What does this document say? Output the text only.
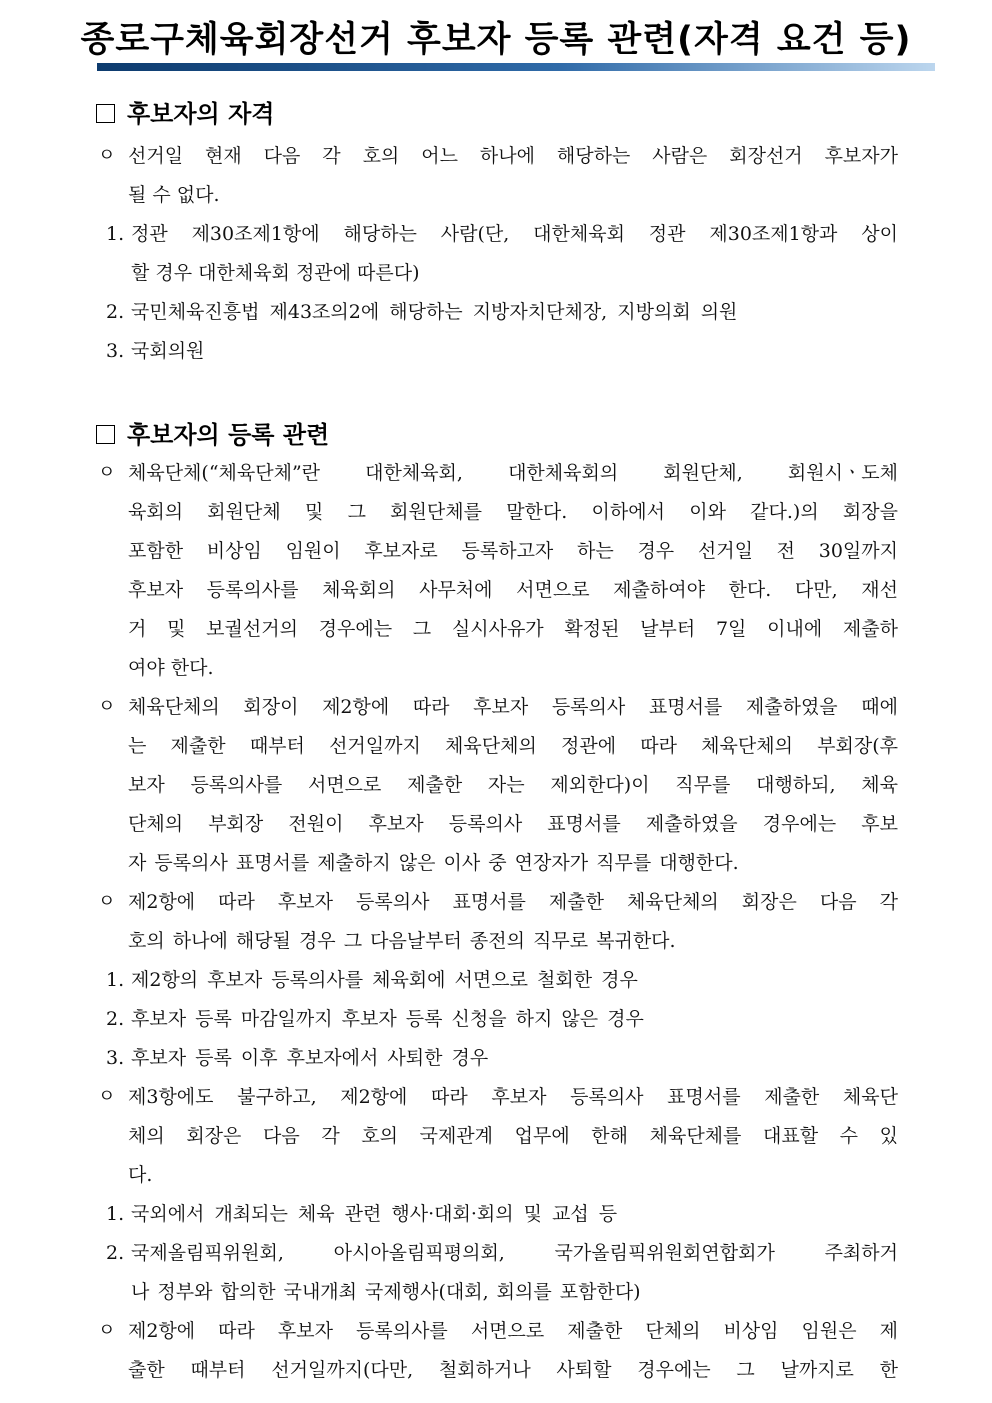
종로구체육회장선거 후보자 등록 관련(자격 요건 등)
후보자의 자격
ㅇ 선거일 현재 다음 각 호의 어느 하나에 해당하는 사람은 회장선거 후보자가
될 수 없다.
1. 정관 제30조제1항에 해당하는 사람(단, 대한체육회 정관 제30조제1항과 상이
할 경우 대한체육회 정관에 따른다)
2. 국민체육진흥법 제43조의2에 해당하는 지방자치단체장, 지방의회 의원
3. 국회의원
후보자의 등록 관련
ㅇ 체육단체(“체육단체”란 대한체육회, 대한체육회의 회원단체, 회원시ㆍ도체
육회의 회원단체 및 그 회원단체를 말한다. 이하에서 이와 같다.)의 회장을
포함한 비상임 임원이 후보자로 등록하고자 하는 경우 선거일 전 30일까지
후보자 등록의사를 체육회의 사무처에 서면으로 제출하여야 한다. 다만, 재선
거 및 보궐선거의 경우에는 그 실시사유가 확정된 날부터 7일 이내에 제출하
여야 한다.
ㅇ 체육단체의 회장이 제2항에 따라 후보자 등록의사 표명서를 제출하였을 때에
는 제출한 때부터 선거일까지 체육단체의 정관에 따라 체육단체의 부회장(후
보자 등록의사를 서면으로 제출한 자는 제외한다)이 직무를 대행하되, 체육
단체의 부회장 전원이 후보자 등록의사 표명서를 제출하였을 경우에는 후보
자 등록의사 표명서를 제출하지 않은 이사 중 연장자가 직무를 대행한다.
ㅇ 제2항에 따라 후보자 등록의사 표명서를 제출한 체육단체의 회장은 다음 각
호의 하나에 해당될 경우 그 다음날부터 종전의 직무로 복귀한다.
1. 제2항의 후보자 등록의사를 체육회에 서면으로 철회한 경우
2. 후보자 등록 마감일까지 후보자 등록 신청을 하지 않은 경우
3. 후보자 등록 이후 후보자에서 사퇴한 경우
ㅇ 제3항에도 불구하고, 제2항에 따라 후보자 등록의사 표명서를 제출한 체육단
체의 회장은 다음 각 호의 국제관계 업무에 한해 체육단체를 대표할 수 있
다.
1. 국외에서 개최되는 체육 관련 행사·대회·회의 및 교섭 등
2. 국제올림픽위원회, 아시아올림픽평의회, 국가올림픽위원회연합회가 주최하거
나 정부와 합의한 국내개최 국제행사(대회, 회의를 포함한다)
ㅇ 제2항에 따라 후보자 등록의사를 서면으로 제출한 단체의 비상임 임원은 제
출한 때부터 선거일까지(다만, 철회하거나 사퇴할 경우에는 그 날까지로 한
